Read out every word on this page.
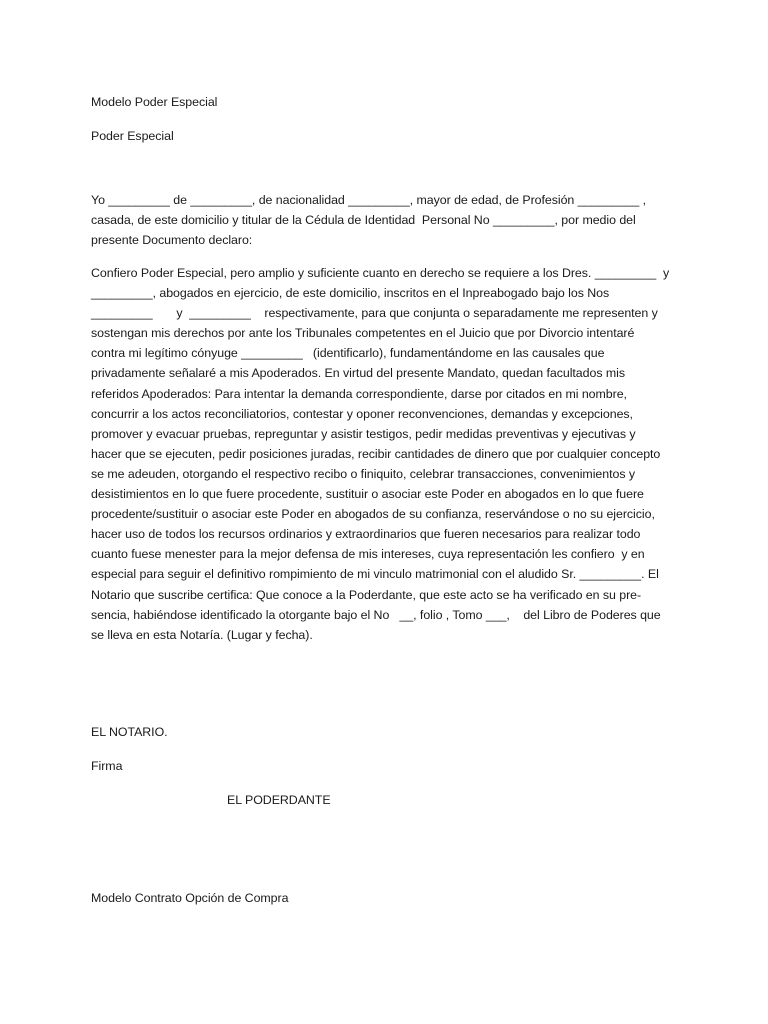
Modelo Poder Especial
Poder Especial
Yo _________ de _________, de nacionalidad _________, mayor de edad, de Profesión _________ ,
casada, de este domicilio y titular de la Cédula de Identidad  Personal No _________, por medio del
presente Documento declaro:
Confiero Poder Especial, pero amplio y suficiente cuanto en derecho se requiere a los Dres. _________  y
_________, abogados en ejercicio, de este domicilio, inscritos en el Inpreabogado bajo los Nos
_________       y  _________    respectivamente, para que conjunta o separadamente me representen y
sostengan mis derechos por ante los Tribunales competentes en el Juicio que por Divorcio intentaré
contra mi legítimo cónyuge _________   (identificarlo), fundamentándome en las causales que
privadamente señalaré a mis Apoderados. En virtud del presente Mandato, quedan facultados mis
referidos Apoderados: Para intentar la demanda correspondiente, darse por citados en mi nombre,
concurrir a los actos reconciliatorios, contestar y oponer reconvenciones, demandas y excepciones,
promover y evacuar pruebas, repreguntar y asistir testigos, pedir medidas preventivas y ejecutivas y
hacer que se ejecuten, pedir posiciones juradas, recibir cantidades de dinero que por cualquier concepto
se me adeuden, otorgando el respectivo recibo o finiquito, celebrar transacciones, convenimientos y
desistimientos en lo que fuere procedente, sustituir o asociar este Poder en abogados en lo que fuere
procedente/sustituir o asociar este Poder en abogados de su confianza, reservándose o no su ejercicio,
hacer uso de todos los recursos ordinarios y extraordinarios que fueren necesarios para realizar todo
cuanto fuese menester para la mejor defensa de mis intereses, cuya representación les confiero  y en
especial para seguir el definitivo rompimiento de mi vinculo matrimonial con el aludido Sr. _________. El
Notario que suscribe certifica: Que conoce a la Poderdante, que este acto se ha verificado en su pre-
sencia, habiéndose identificado la otorgante bajo el No   __, folio , Tomo ___,    del Libro de Poderes que
se lleva en esta Notaría. (Lugar y fecha).
EL NOTARIO.
Firma
EL PODERDANTE
Modelo Contrato Opción de Compra
